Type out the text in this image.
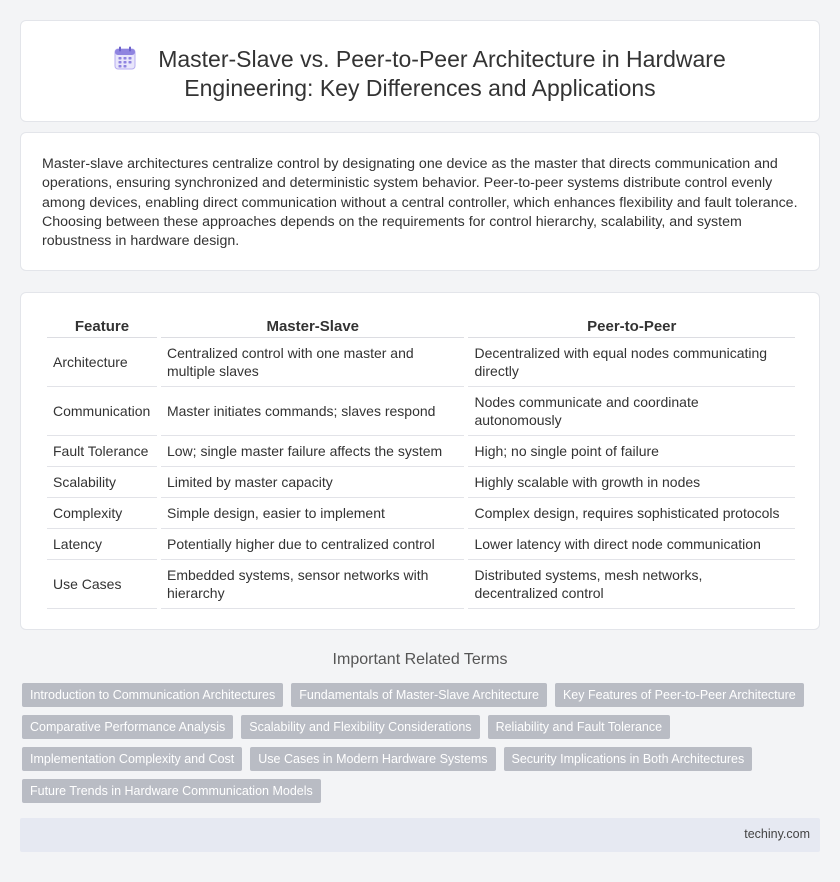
Master-Slave vs. Peer-to-Peer Architecture in Hardware
Engineering: Key Differences and Applications

Master-slave architectures centralize control by designating one device as the master that directs communication and operations, ensuring synchronized and deterministic system behavior. Peer-to-peer systems distribute control evenly among devices, enabling direct communication without a central controller, which enhances flexibility and fault tolerance. Choosing between these approaches depends on the requirements for control hierarchy, scalability, and system robustness in hardware design.

Feature	Master-Slave	Peer-to-Peer
Architecture	Centralized control with one master and multiple slaves	Decentralized with equal nodes communicating directly
Communication	Master initiates commands; slaves respond	Nodes communicate and coordinate autonomously
Fault Tolerance	Low; single master failure affects the system	High; no single point of failure
Scalability	Limited by master capacity	Highly scalable with growth in nodes
Complexity	Simple design, easier to implement	Complex design, requires sophisticated protocols
Latency	Potentially higher due to centralized control	Lower latency with direct node communication
Use Cases	Embedded systems, sensor networks with hierarchy	Distributed systems, mesh networks, decentralized control
Important Related Terms
Introduction to Communication Architectures	Fundamentals of Master-Slave Architecture	Key Features of Peer-to-Peer Architecture
Comparative Performance Analysis	Scalability and Flexibility Considerations	Reliability and Fault Tolerance
Implementation Complexity and Cost	Use Cases in Modern Hardware Systems	Security Implications in Both Architectures
Future Trends in Hardware Communication Models
techiny.com
